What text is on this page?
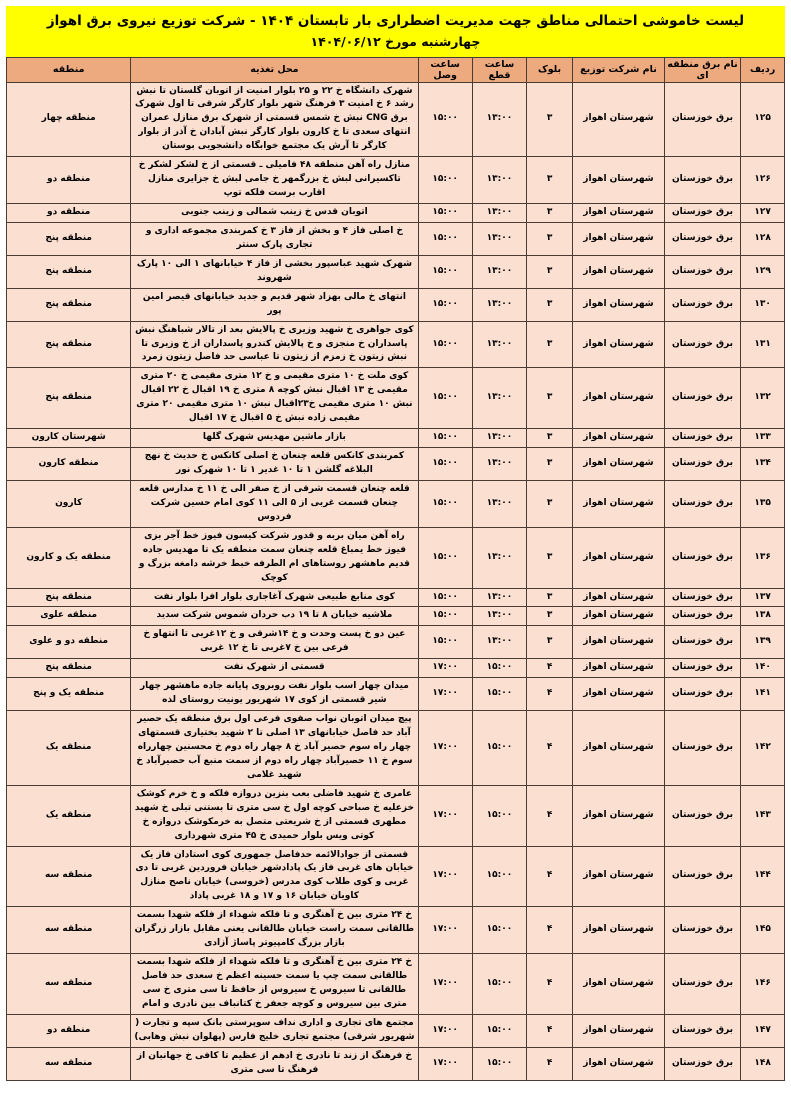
لیست خاموشی احتمالی مناطق جهت مدیریت اضطراری بار تابستان ۱۴۰۴ - شرکت توزیع نیروی برق اهواز
چهارشنبه مورخ ۱۴۰۴/۰۶/۱۲
ردیف	نام برق منطقه ای	نام شرکت توزیع	بلوک	ساعت قطع	ساعت وصل	محل تغذیه	منطقه
۱۲۵	برق خوزستان	شهرستان اهواز	۳	۱۳:۰۰	۱۵:۰۰	شهرک دانشگاه خ ۲۲ و ۲۵ بلوار امنیت از اتوبان گلستان تا نبش رشد ۶ خ امنیت ۳ فرهنگ شهر بلوار کارگر شرقی تا اول شهرک برق CNG نبش خ شمس قسمتی از شهرک برق منازل عمران انتهای سعدی تا خ کارون بلوار کارگر نبش آبادان خ آذر از بلوار کارگر تا آرش یک مجتمع خوابگاه دانشجویی بوستان	منطقه چهار
۱۲۶	برق خوزستان	شهرستان اهواز	۳	۱۳:۰۰	۱۵:۰۰	منازل راه آهن منطقه ۴۸ فامیلی ـ قسمتی از خ لشکر لشکر خ تاکسیرانی لبش خ بزرگمهر خ جامی لبش خ جزایری منازل اقارب برست فلکه توپ	منطقه دو
۱۲۷	برق خوزستان	شهرستان اهواز	۳	۱۳:۰۰	۱۵:۰۰	اتوبان قدس خ زینب شمالی و زینب جنوبی	منطقه دو
۱۲۸	برق خوزستان	شهرستان اهواز	۳	۱۳:۰۰	۱۵:۰۰	خ اصلی فاز ۴ و بخش از فاز ۳ خ کمربندی مجموعه اداری و تجاری پارک سنتر	منطقه پنج
۱۲۹	برق خوزستان	شهرستان اهواز	۳	۱۳:۰۰	۱۵:۰۰	شهرک شهید عباسپور بخشی از فاز ۴ خیابانهای ۱ الی ۱۰ پارک شهروند	منطقه پنج
۱۳۰	برق خوزستان	شهرستان اهواز	۳	۱۳:۰۰	۱۵:۰۰	انتهای خ مالی بهزاد شهر قدیم و جدید خیابانهای قیصر امین پور	منطقه پنج
۱۳۱	برق خوزستان	شهرستان اهواز	۳	۱۳:۰۰	۱۵:۰۰	کوی جواهری خ شهید وزیری خ پالایش بعد از تالار شباهنگ نبش پاسداران خ منجزی و خ پالایش کندرو پاسداران از خ وزیری تا نبش زیتون خ زمزم از زیتون تا عباسی حد فاصل زیتون زمرد	منطقه پنج
۱۳۲	برق خوزستان	شهرستان اهواز	۳	۱۳:۰۰	۱۵:۰۰	کوی ملت خ ۱۰ متری مقیمی و خ ۱۲ متری مقیمی خ ۲۰ متری مقیمی خ ۱۳ اقبال نبش کوچه ۸ متری خ ۱۹ اقبال خ ۲۲ اقبال نبش ۱۰ متری مقیمی خ۲۳اقبال نبش ۱۰ متری مقیمی ۲۰ متری مقیمی زاده نبش خ ۵ اقبال خ ۱۷ اقبال	منطقه پنج
۱۳۳	برق خوزستان	شهرستان اهواز	۳	۱۳:۰۰	۱۵:۰۰	بازار ماشین مهدیس شهرک گلها	شهرستان کارون
۱۳۴	برق خوزستان	شهرستان اهواز	۳	۱۳:۰۰	۱۵:۰۰	کمربندی کانکس قلعه چنعان خ اصلی کانکس خ حدیث خ نهج البلاغه گلشن ۱ تا ۱۰ غدیر ۱ تا ۱۰ شهرک نور	منطقه کارون
۱۳۵	برق خوزستان	شهرستان اهواز	۳	۱۳:۰۰	۱۵:۰۰	قلعه چنعان قسمت شرقی از خ صفر الی خ ۱۱ خ مدارس قلعه چنعان قسمت غربی از ۵ الی ۱۱ کوی امام حسین شرکت فردوس	کارون
۱۳۶	برق خوزستان	شهرستان اهواز	۳	۱۳:۰۰	۱۵:۰۰	راه آهن میان بربه و قدور شرکت کیسون فیوز خط آجر بزی فیوز خط یمباغ قلعه چنعان سمت منطقه یک تا مهدیس جاده قدیم ماهشهر روستاهای ام الطرفه خبط خرشه دامغه بزرگ و کوچک	منطقه یک و کارون
۱۳۷	برق خوزستان	شهرستان اهواز	۳	۱۳:۰۰	۱۵:۰۰	کوی منابع طبیعی شهرک آغاجاری بلوار افرا بلوار نفت	منطقه پنج
۱۳۸	برق خوزستان	شهرستان اهواز	۳	۱۳:۰۰	۱۵:۰۰	ملاشیه خیابان ۸ تا ۱۹ دب حردان شموس شرکت سدید	منطقه علوی
۱۳۹	برق خوزستان	شهرستان اهواز	۳	۱۳:۰۰	۱۵:۰۰	عین دو خ پست وحدت و خ ۱۴شرقی و خ ۱۲غربی تا انتهاو خ فرعی بین خ ۷غربی تا خ ۱۲ غربی	منطقه دو و علوی
۱۴۰	برق خوزستان	شهرستان اهواز	۴	۱۵:۰۰	۱۷:۰۰	قسمتی از شهرک نفت	منطقه پنج
۱۴۱	برق خوزستان	شهرستان اهواز	۴	۱۵:۰۰	۱۷:۰۰	میدان چهار اسب بلوار نفت روبروی پایانه جاده ماهشهر چهار شیر قسمتی از کوی ۱۷ شهریور یونیت روستای لذه	منطقه یک و پنج
۱۴۲	برق خوزستان	شهرستان اهواز	۴	۱۵:۰۰	۱۷:۰۰	پیچ میدان اتوبان نواب صفوی فرعی اول برق منطقه یک حصیر آباد حد فاصل خیابانهای ۱۳ اصلی تا ۲ شهید بختیاری قسمتهای چهار راه سوم حصیر آباد خ ۸ چهار راه دوم خ محسنین چهارراه سوم خ ۱۱ حصیرآباد چهار راه دوم از سمت منبع آب حصیرآباد خ شهید غلامی	منطقه یک
۱۴۳	برق خوزستان	شهرستان اهواز	۴	۱۵:۰۰	۱۷:۰۰	عامری خ شهید فاضلی بعب بنزین دروازه فلکه و خ خرم کوشک خزعلیه خ صباحی کوچه اول خ سی متری تا بستنی تبلی خ شهید مطهری قسمتی از خ شریعتی متصل به خرمکوشک دروازه خ کوتی ویس بلوار حمیدی خ ۴۵ متری شهرداری	منطقه یک
۱۴۴	برق خوزستان	شهرستان اهواز	۴	۱۵:۰۰	۱۷:۰۰	قسمتی از جوادالائمه حدفاصل جمهوری کوی استادان فاز یک خیابان های غربی فاز یک پادادشهر خیابان فروردین غربی تا دی غربی و کوی طلاب کوی مدرس (خروسی) خیابان ناصح منازل کاویان خیابان ۱۶ و ۱۷ و ۱۸ غربی پاداد	منطقه سه
۱۴۵	برق خوزستان	شهرستان اهواز	۴	۱۵:۰۰	۱۷:۰۰	خ ۲۴ متری بین خ آهنگری و تا فلکه شهداء از فلکه شهدا بسمت طالقانی سمت راست خیابان طالقانی یعنی مقابل بازار زرگران بازار بزرگ کامپیوتر پاساژ آزادی	منطقه سه
۱۴۶	برق خوزستان	شهرستان اهواز	۴	۱۵:۰۰	۱۷:۰۰	خ ۲۴ متری بین خ آهنگری و تا فلکه شهداء از فلکه شهدا بسمت طالقانی سمت چپ یا سمت حسینه اعظم خ سعدی حد فاصل طالقانی تا سیروس خ سیروس از حافظ تا سی متری خ سی متری بین سیروس و کوچه جعفر خ کتانباف بین نادری و امام	منطقه سه
۱۴۷	برق خوزستان	شهرستان اهواز	۴	۱۵:۰۰	۱۷:۰۰	مجتمع های تجاری و اداری نداف سوپرستی بانک سپه و تجارت ( شهریور شرقی) مجتمع تجاری خلیج فارس (پهلوان نبش وهابی)	منطقه دو
۱۴۸	برق خوزستان	شهرستان اهواز	۴	۱۵:۰۰	۱۷:۰۰	خ فرهنگ از زند تا نادری خ ادهم از عظیم تا کافی خ جهانبان از فرهنگ تا سی متری	منطقه سه
